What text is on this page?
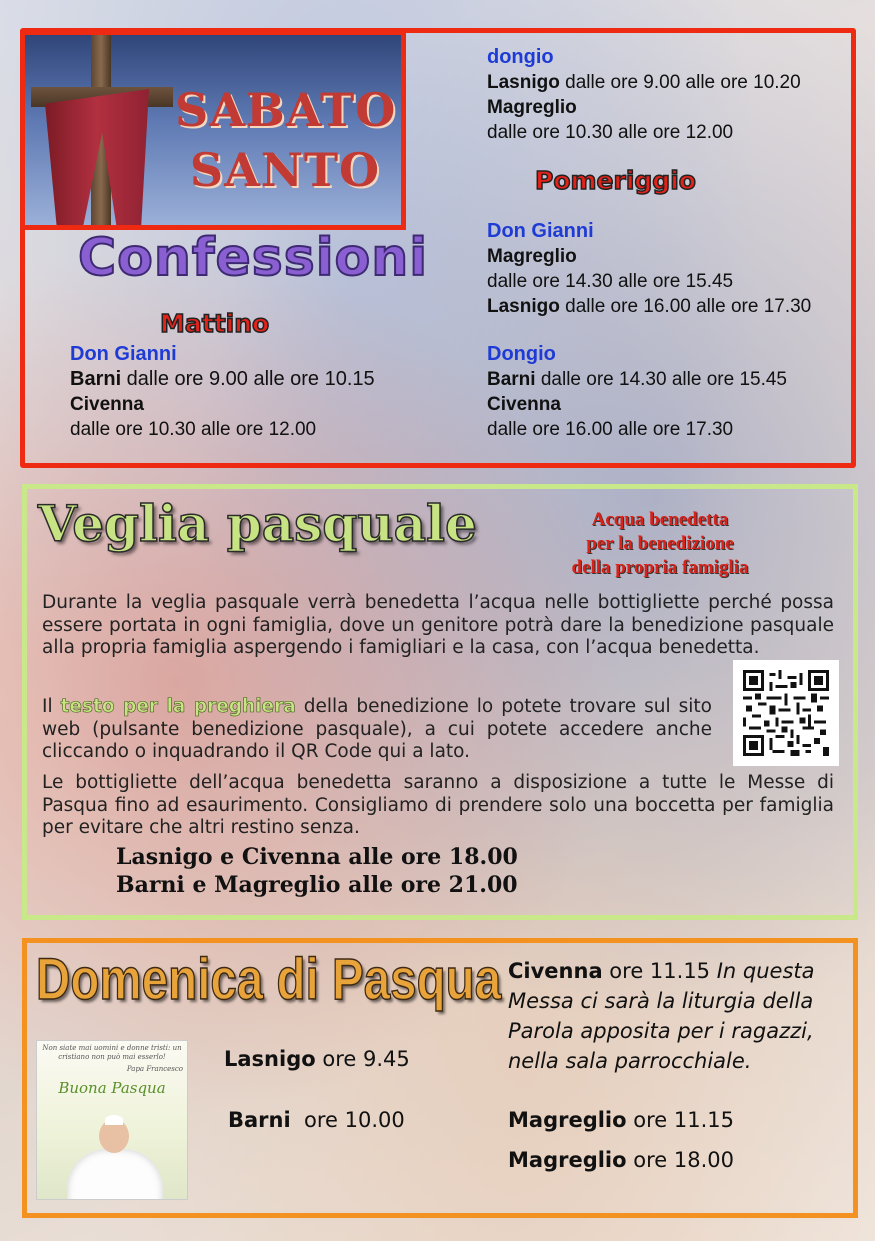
SABATO
SANTO
Confessioni
Mattino
Pomeriggio
Don Gianni
Barni dalle ore 9.00 alle ore 10.15
Civenna
dalle ore 10.30 alle ore 12.00
dongio
Lasnigo dalle ore 9.00 alle ore 10.20
Magreglio
dalle ore 10.30 alle ore 12.00
Don Gianni
Magreglio
dalle ore 14.30 alle ore 15.45
Lasnigo dalle ore 16.00 alle ore 17.30
Dongio
Barni dalle ore 14.30 alle ore 15.45
Civenna
dalle ore 16.00 alle ore 17.30
Veglia pasquale	Acqua benedetta
per la benedizione
della propria famiglia
Durante la veglia pasquale verrà benedetta l’acqua nelle bottigliette perché possa essere portata in ogni famiglia, dove un genitore potrà dare la benedizione pasquale alla propria famiglia aspergendo i famigliari e la casa, con l’acqua benedetta.
Il testo per la preghiera della benedizione lo potete trovare sul sito web (pulsante benedizione pasquale), a cui potete accedere anche cliccando o inquadrando il QR Code qui a lato.
Le bottigliette dell’acqua benedetta saranno a disposizione a tutte le Messe di Pasqua fino ad esaurimento. Consigliamo di prendere solo una boccetta per famiglia per evitare che altri restino senza.
Lasnigo e Civenna alle ore 18.00
Barni e Magreglio alle ore 21.00
Domenica di Pasqua
Non siate mai uomini e donne tristi: un cristiano non può mai esserlo!
Papa Francesco
Buona Pasqua
Lasnigo ore 9.45
Barni  ore 10.00
Civenna ore 11.15 In questa Messa ci sarà la liturgia della Parola apposita per i ragazzi, nella sala parrocchiale.
Magreglio ore 11.15
Magreglio ore 18.00
